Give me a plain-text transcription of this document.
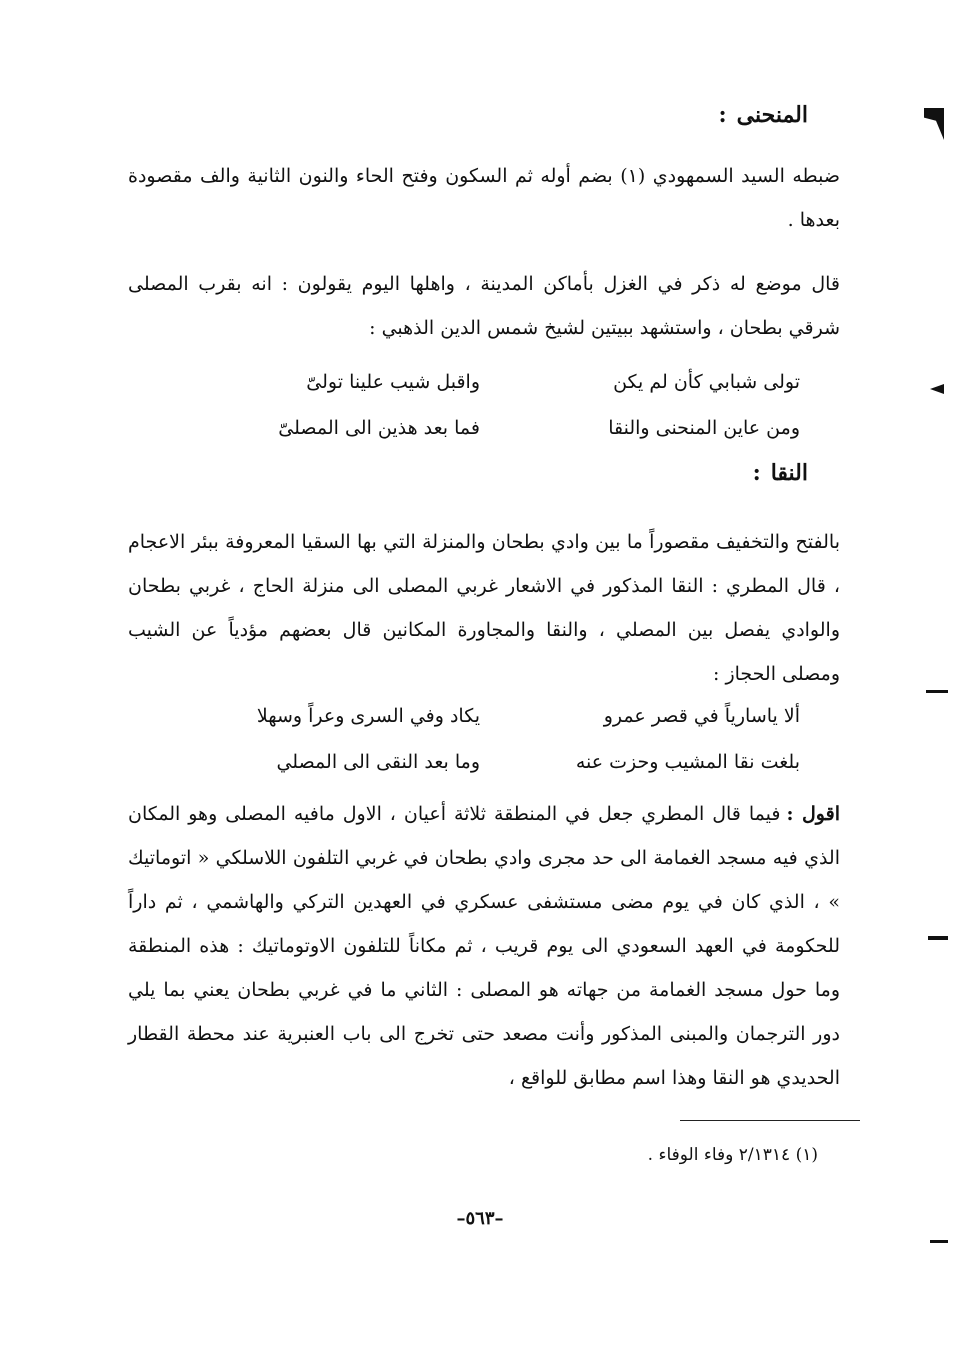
المنحنى:
ضبطه السيد السمهودي (١) بضم أوله ثم السكون وفتح الحاء والنون الثانية والف مقصودة بعدها .
قال موضع له ذكر في الغزل بأماكن المدينة ، واهلها اليوم يقولون : انه بقرب المصلى شرقي بطحان ، واستشهد ببيتين لشيخ شمس الدين الذهبي :
تولى شبابي كأن لم يكن
واقبل شيب علينا تولىّ
ومن عاين المنحنى والنقا
فما بعد هذين الى المصلىّ
النقا:
بالفتح والتخفيف مقصوراً ما بين وادي بطحان والمنزلة التي بها السقيا المعروفة ببئر الاعجام ، قال المطري : النقا المذكور في الاشعار غربي المصلى الى منزلة الحاج ، غربي بطحان والوادي يفصل بين المصلي ، والنقا والمجاورة المكانين قال بعضهم مؤدياً عن الشيب ومصلى الحجاز :
ألا ياسارياً في قصر عمرو
يكاد وفي السرى وعراً وسهلا
بلغت نقا المشيب وحزت عنه
وما بعد النقى الى المصلي
اقول :فيما قال المطري جعل في المنطقة ثلاثة أعيان ، الاول مافيه المصلى وهو المكان الذي فيه مسجد الغمامة الى حد مجرى وادي بطحان في غربي التلفون اللاسلكي « اتوماتيك » ، الذي كان في يوم مضى مستشفى عسكري في العهدين التركي والهاشمي ، ثم داراً للحكومة في العهد السعودي الى يوم قريب ، ثم مكاناً للتلفون الاوتوماتيك : هذه المنطقة وما حول مسجد الغمامة من جهاته هو المصلى : الثاني ما في غربي بطحان يعني بما يلي دور الترجمان والمبنى المذكور وأنت مصعد حتى تخرج الى باب العنبرية عند محطة القطار الحديدي هو النقا وهذا اسم مطابق للواقع ،
(١) ٢/١٣١٤ وفاء الوفاء .
–٥٦٣–
